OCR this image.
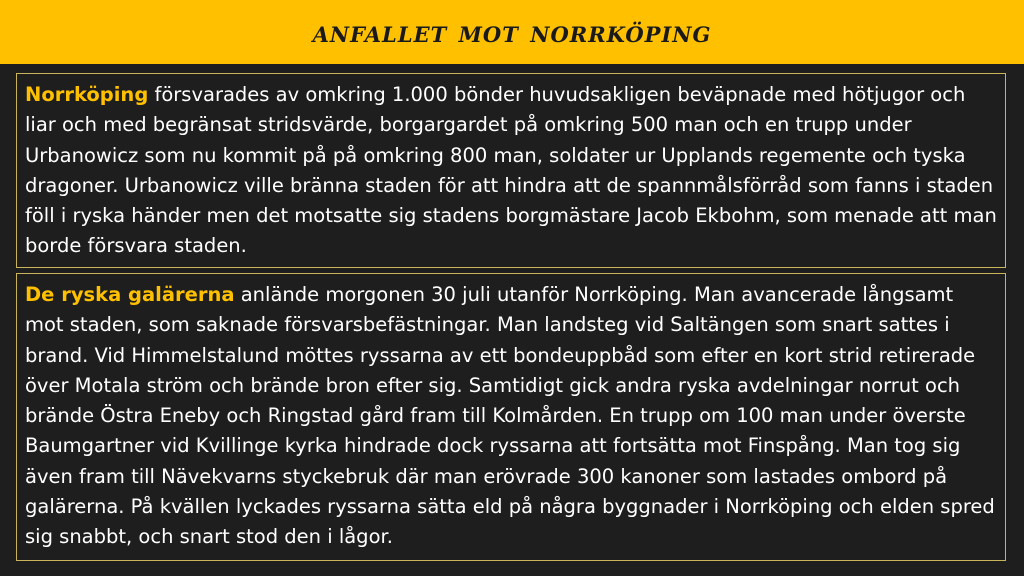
anfallet mot norrköping
Norrköping försvarades av omkring 1.000 bönder huvudsakligen beväpnade med hötjugor och liar och med begränsat stridsvärde, borgargardet på omkring 500 man och en trupp under Urbanowicz som nu kommit på på omkring 800 man, soldater ur Upplands regemente och tyska dragoner. Urbanowicz ville bränna staden för att hindra att de spannmålsförråd som fanns i staden föll i ryska händer men det motsatte sig stadens borgmästare Jacob Ekbohm, som menade att man borde försvara staden.
De ryska galärerna anlände morgonen 30 juli utanför Norrköping. Man avancerade långsamt mot staden, som saknade försvarsbefästningar. Man landsteg vid Saltängen som snart sattes i brand. Vid Himmelstalund möttes ryssarna av ett bondeuppbåd som efter en kort strid retirerade över Motala ström och brände bron efter sig. Samtidigt gick andra ryska avdelningar norrut och brände Östra Eneby och Ringstad gård fram till Kolmården. En trupp om 100 man under överste Baumgartner vid Kvillinge kyrka hindrade dock ryssarna att fortsätta mot Finspång. Man tog sig även fram till Nävekvarns styckebruk där man erövrade 300 kanoner som lastades ombord på galärerna. På kvällen lyckades ryssarna sätta eld på några byggnader i Norrköping och elden spred sig snabbt, och snart stod den i lågor.
